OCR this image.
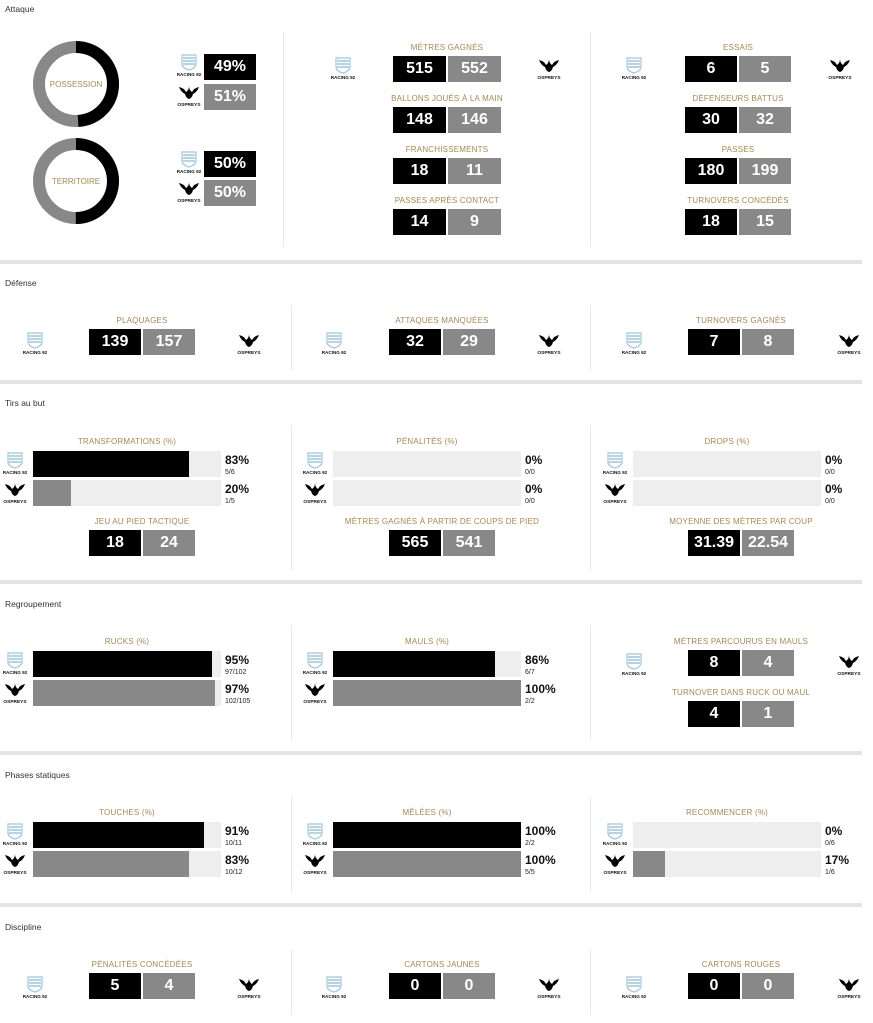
Attaque
Défense
Tirs au but
Regroupement
Phases statiques
Discipline
POSSESSION
TERRITOIRE
RACING 92 49%
OSPREYS
51%
RACING 92 50%
OSPREYS
50%
RACING 92	OSPREYS
MÈTRES GAGNÉS
515	552
BALLONS JOUÉS À LA MAIN
148	146
FRANCHISSEMENTS
18	11
PASSES APRÈS CONTACT
14	9
RACING 92	OSPREYS
ESSAIS
6	5
DÉFENSEURS BATTUS
30	32
PASSES
180	199
TURNOVERS CONCÉDÉS
18	15
RACING 92	OSPREYS
PLAQUAGES
139	157
RACING 92	OSPREYS
ATTAQUES MANQUÉES
32	29
RACING 92	OSPREYS
TURNOVERS GAGNÉS
7	8
TRANSFORMATIONS (%)
RACING 92
83%
5/6
OSPREYS
20%
1/5
PÉNALITÉS (%)
RACING 92
0%
0/0
OSPREYS
0%
0/0
DROPS (%)
RACING 92
0%
0/0
OSPREYS
0%
0/0
JEU AU PIED TACTIQUE
18	24
MÈTRES GAGNÉS À PARTIR DE COUPS DE PIED
565	541
MOYENNE DES MÈTRES PAR COUP
31.39 22.54
RUCKS (%)
RACING 92
95%
97/102
OSPREYS
97%
102/105
MAULS (%)
RACING 92
86%
6/7
OSPREYS
100%
2/2
RACING 92	OSPREYS
MÈTRES PARCOURUS EN MAULS
8	4
TURNOVER DANS RUCK OU MAUL
4	1
TOUCHES (%)
RACING 92
91%
10/11
OSPREYS
83%
10/12
MÊLÉES (%)
RACING 92
100%
2/2
OSPREYS
100%
5/5
RECOMMENCER (%)
RACING 92
0%
0/6
OSPREYS
17%
1/6
RACING 92	OSPREYS
PÉNALITÉS CONCÉDÉES
5	4
RACING 92	OSPREYS
CARTONS JAUNES
0	0
RACING 92	OSPREYS
CARTONS ROUGES
0	0
